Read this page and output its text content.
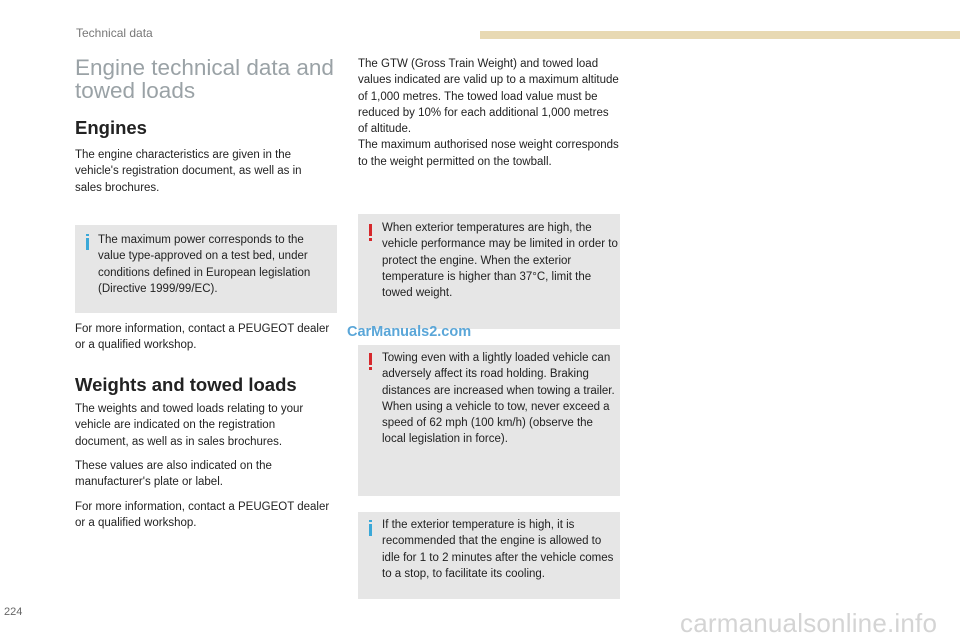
Technical data
Engine technical data and towed loads
Engines

The engine characteristics are given in the vehicle's registration document, as well as in sales brochures.

The maximum power corresponds to the value type-approved on a test bed, under conditions defined in European legislation (Directive 1999/99/EC).

For more information, contact a PEUGEOT dealer or a qualified workshop.

Weights and towed loads

The weights and towed loads relating to your vehicle are indicated on the registration document, as well as in sales brochures.

These values are also indicated on the manufacturer's plate or label.

For more information, contact a PEUGEOT dealer or a qualified workshop.

The GTW (Gross Train Weight) and towed load values indicated are valid up to a maximum altitude of 1,000 metres. The towed load value must be reduced by 10% for each additional 1,000 metres of altitude.
The maximum authorised nose weight corresponds to the weight permitted on the towball.

When exterior temperatures are high, the vehicle performance may be limited in order to protect the engine. When the exterior temperature is higher than 37°C, limit the towed weight.

Towing even with a lightly loaded vehicle can adversely affect its road holding. Braking distances are increased when towing a trailer.
When using a vehicle to tow, never exceed a speed of 62 mph (100 km/h) (observe the local legislation in force).

If the exterior temperature is high, it is recommended that the engine is allowed to idle for 1 to 2 minutes after the vehicle comes to a stop, to facilitate its cooling.

CarManuals2.com
224	carmanualsonline.info
